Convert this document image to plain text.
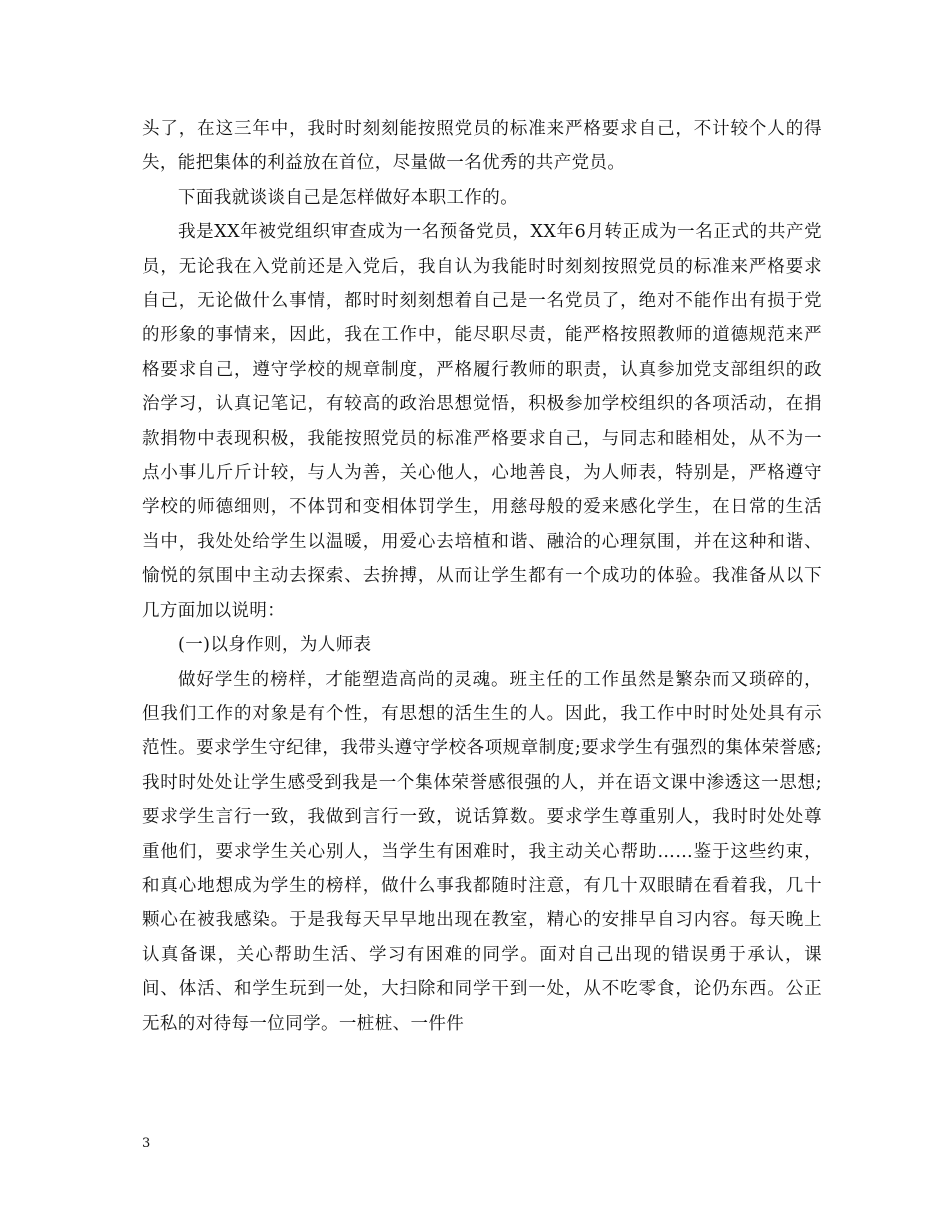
头了，在这三年中，我时时刻刻能按照党员的标准来严格要求自己，不计较个人的得失，能把集体的利益放在首位，尽量做一名优秀的共产党员。

下面我就谈谈自己是怎样做好本职工作的。

我是XX年被党组织审查成为一名预备党员，XX年6月转正成为一名正式的共产党员，无论我在入党前还是入党后，我自认为我能时时刻刻按照党员的标准来严格要求自己，无论做什么事情，都时时刻刻想着自己是一名党员了，绝对不能作出有损于党的形象的事情来，因此，我在工作中，能尽职尽责，能严格按照教师的道德规范来严格要求自己，遵守学校的规章制度，严格履行教师的职责，认真参加党支部组织的政治学习，认真记笔记，有较高的政治思想觉悟，积极参加学校组织的各项活动，在捐款捐物中表现积极，我能按照党员的标准严格要求自己，与同志和睦相处，从不为一点小事儿斤斤计较，与人为善，关心他人，心地善良，为人师表，特别是，严格遵守学校的师德细则，不体罚和变相体罚学生，用慈母般的爱来感化学生，在日常的生活当中，我处处给学生以温暖，用爱心去培植和谐、融洽的心理氛围，并在这种和谐、愉悦的氛围中主动去探索、去拚搏，从而让学生都有一个成功的体验。我准备从以下几方面加以说明：

(一)以身作则，为人师表

做好学生的榜样，才能塑造高尚的灵魂。班主任的工作虽然是繁杂而又琐碎的，但我们工作的对象是有个性，有思想的活生生的人。因此，我工作中时时处处具有示范性。要求学生守纪律，我带头遵守学校各项规章制度;要求学生有强烈的集体荣誉感;我时时处处让学生感受到我是一个集体荣誉感很强的人，并在语文课中渗透这一思想;要求学生言行一致，我做到言行一致，说话算数。要求学生尊重别人，我时时处处尊重他们，要求学生关心别人，当学生有困难时，我主动关心帮助……鉴于这些约束，和真心地想成为学生的榜样，做什么事我都随时注意，有几十双眼睛在看着我，几十颗心在被我感染。于是我每天早早地出现在教室，精心的安排早自习内容。每天晚上认真备课，关心帮助生活、学习有困难的同学。面对自己出现的错误勇于承认，课间、体活、和学生玩到一处，大扫除和同学干到一处，从不吃零食，论仍东西。公正无私的对待每一位同学。一桩桩、一件件

3
